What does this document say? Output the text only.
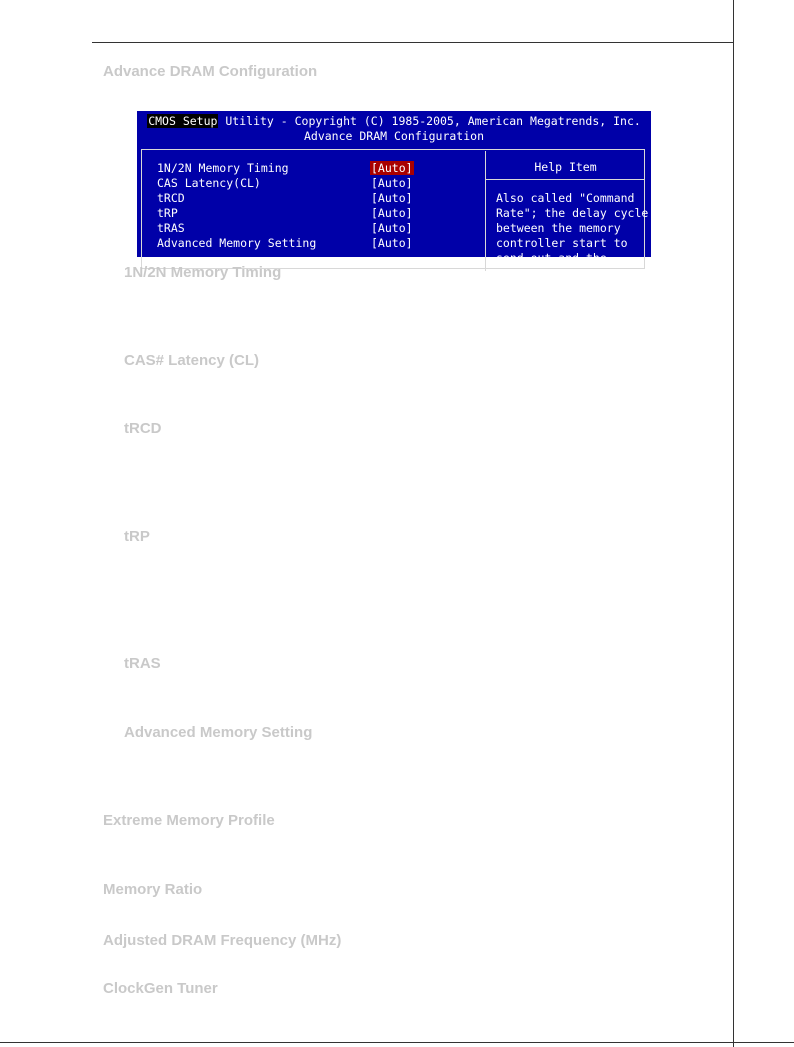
Advance DRAM Configuration
CMOS Setup Utility - Copyright (C) 1985-2005, American Megatrends, Inc.
Advance DRAM Configuration
1N/2N Memory Timing	[Auto]
CAS Latency(CL)	[Auto]
tRCD	[Auto]
tRP	[Auto]
tRAS	[Auto]
Advanced Memory Setting	[Auto]
Help Item
Also called "Command
Rate"; the delay cycle
between the memory
controller start to
send out and the
1N/2N Memory Timing
CAS# Latency (CL)
tRCD
tRP
tRAS
Advanced Memory Setting
Extreme Memory Profile
Memory Ratio
Adjusted DRAM Frequency (MHz)
ClockGen Tuner
